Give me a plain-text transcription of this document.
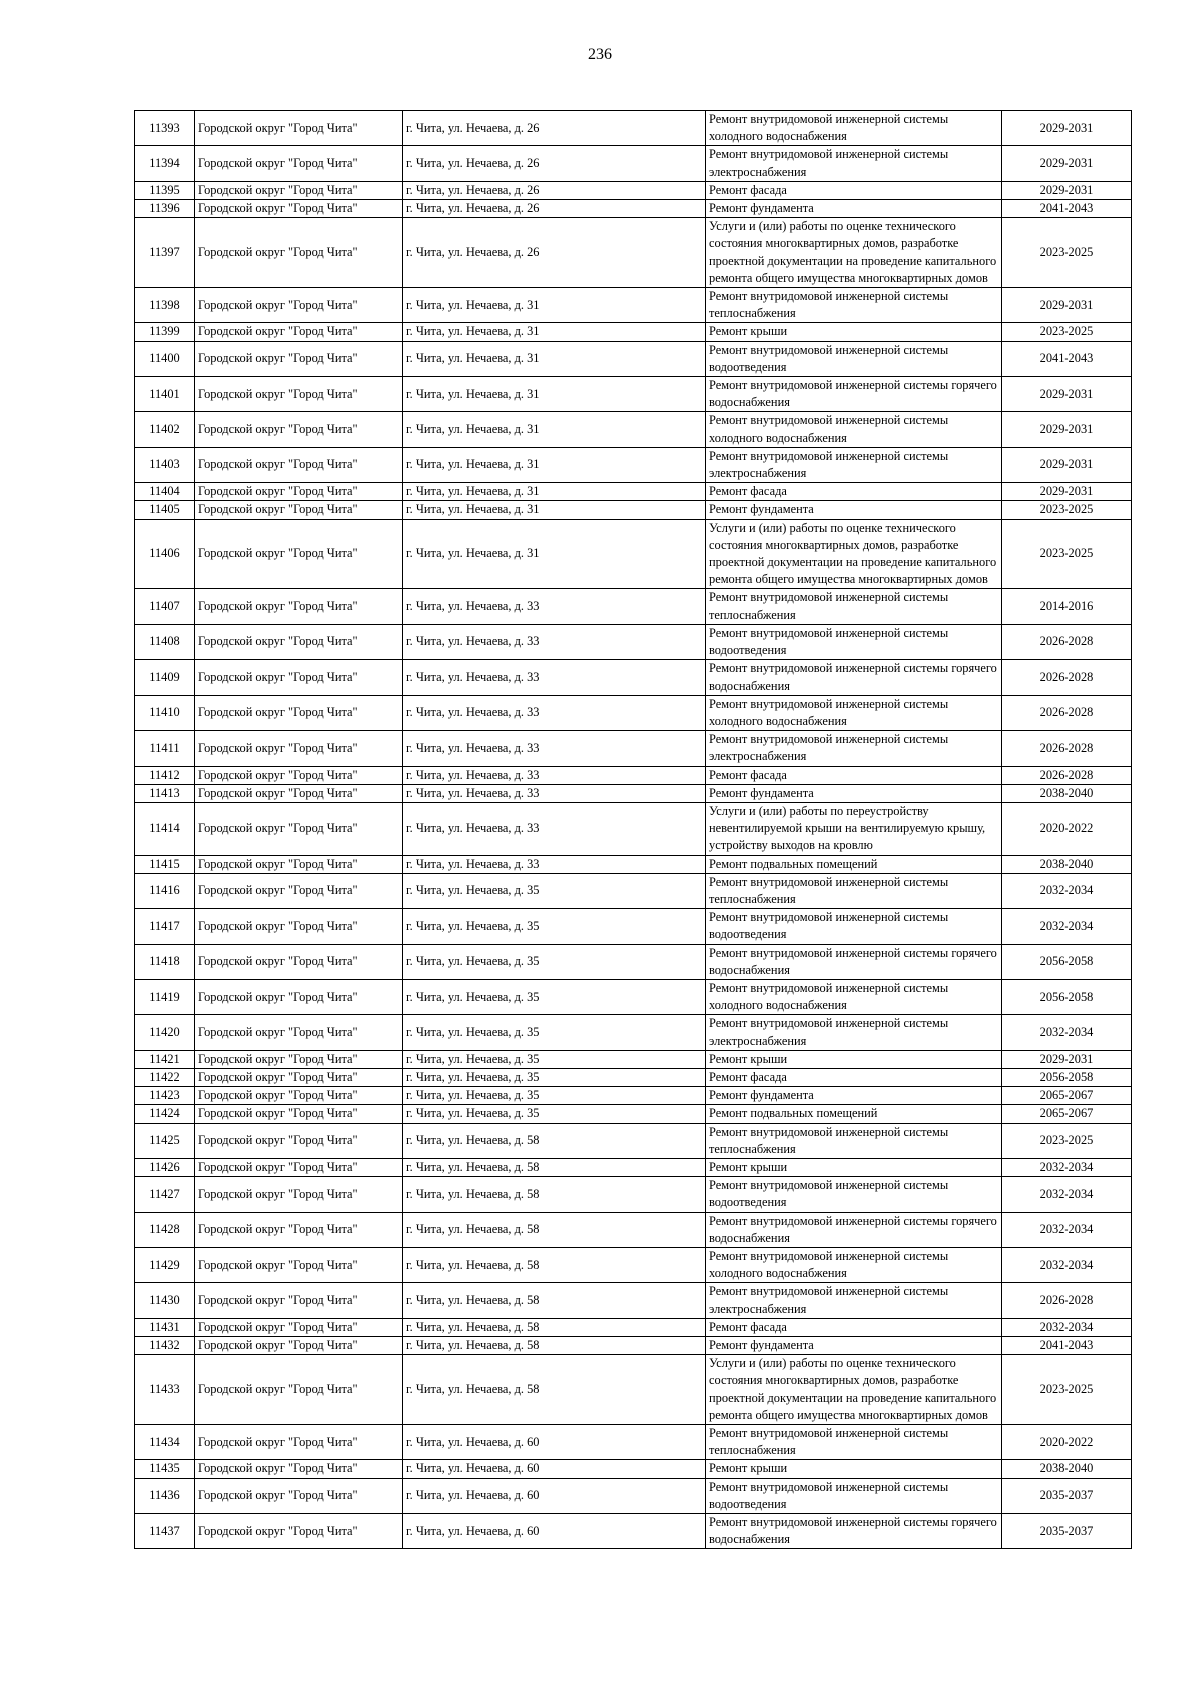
236
11393	Городской округ "Город Чита"	г. Чита, ул. Нечаева, д. 26	Ремонт внутридомовой инженерной системы холодного водоснабжения	2029-2031
11394	Городской округ "Город Чита"	г. Чита, ул. Нечаева, д. 26	Ремонт внутридомовой инженерной системы электроснабжения	2029-2031
11395	Городской округ "Город Чита"	г. Чита, ул. Нечаева, д. 26	Ремонт фасада	2029-2031
11396	Городской округ "Город Чита"	г. Чита, ул. Нечаева, д. 26	Ремонт фундамента	2041-2043
11397	Городской округ "Город Чита"	г. Чита, ул. Нечаева, д. 26	Услуги и (или) работы по оценке технического состояния многоквартирных домов, разработке проектной документации на проведение капитального ремонта общего имущества многоквартирных домов	2023-2025
11398	Городской округ "Город Чита"	г. Чита, ул. Нечаева, д. 31	Ремонт внутридомовой инженерной системы теплоснабжения	2029-2031
11399	Городской округ "Город Чита"	г. Чита, ул. Нечаева, д. 31	Ремонт крыши	2023-2025
11400	Городской округ "Город Чита"	г. Чита, ул. Нечаева, д. 31	Ремонт внутридомовой инженерной системы водоотведения	2041-2043
11401	Городской округ "Город Чита"	г. Чита, ул. Нечаева, д. 31	Ремонт внутридомовой инженерной системы горячего водоснабжения	2029-2031
11402	Городской округ "Город Чита"	г. Чита, ул. Нечаева, д. 31	Ремонт внутридомовой инженерной системы холодного водоснабжения	2029-2031
11403	Городской округ "Город Чита"	г. Чита, ул. Нечаева, д. 31	Ремонт внутридомовой инженерной системы электроснабжения	2029-2031
11404	Городской округ "Город Чита"	г. Чита, ул. Нечаева, д. 31	Ремонт фасада	2029-2031
11405	Городской округ "Город Чита"	г. Чита, ул. Нечаева, д. 31	Ремонт фундамента	2023-2025
11406	Городской округ "Город Чита"	г. Чита, ул. Нечаева, д. 31	Услуги и (или) работы по оценке технического состояния многоквартирных домов, разработке проектной документации на проведение капитального ремонта общего имущества многоквартирных домов	2023-2025
11407	Городской округ "Город Чита"	г. Чита, ул. Нечаева, д. 33	Ремонт внутридомовой инженерной системы теплоснабжения	2014-2016
11408	Городской округ "Город Чита"	г. Чита, ул. Нечаева, д. 33	Ремонт внутридомовой инженерной системы водоотведения	2026-2028
11409	Городской округ "Город Чита"	г. Чита, ул. Нечаева, д. 33	Ремонт внутридомовой инженерной системы горячего водоснабжения	2026-2028
11410	Городской округ "Город Чита"	г. Чита, ул. Нечаева, д. 33	Ремонт внутридомовой инженерной системы холодного водоснабжения	2026-2028
11411	Городской округ "Город Чита"	г. Чита, ул. Нечаева, д. 33	Ремонт внутридомовой инженерной системы электроснабжения	2026-2028
11412	Городской округ "Город Чита"	г. Чита, ул. Нечаева, д. 33	Ремонт фасада	2026-2028
11413	Городской округ "Город Чита"	г. Чита, ул. Нечаева, д. 33	Ремонт фундамента	2038-2040
11414	Городской округ "Город Чита"	г. Чита, ул. Нечаева, д. 33	Услуги и (или) работы по переустройству невентилируемой крыши на вентилируемую крышу, устройству выходов на кровлю	2020-2022
11415	Городской округ "Город Чита"	г. Чита, ул. Нечаева, д. 33	Ремонт подвальных помещений	2038-2040
11416	Городской округ "Город Чита"	г. Чита, ул. Нечаева, д. 35	Ремонт внутридомовой инженерной системы теплоснабжения	2032-2034
11417	Городской округ "Город Чита"	г. Чита, ул. Нечаева, д. 35	Ремонт внутридомовой инженерной системы водоотведения	2032-2034
11418	Городской округ "Город Чита"	г. Чита, ул. Нечаева, д. 35	Ремонт внутридомовой инженерной системы горячего водоснабжения	2056-2058
11419	Городской округ "Город Чита"	г. Чита, ул. Нечаева, д. 35	Ремонт внутридомовой инженерной системы холодного водоснабжения	2056-2058
11420	Городской округ "Город Чита"	г. Чита, ул. Нечаева, д. 35	Ремонт внутридомовой инженерной системы электроснабжения	2032-2034
11421	Городской округ "Город Чита"	г. Чита, ул. Нечаева, д. 35	Ремонт крыши	2029-2031
11422	Городской округ "Город Чита"	г. Чита, ул. Нечаева, д. 35	Ремонт фасада	2056-2058
11423	Городской округ "Город Чита"	г. Чита, ул. Нечаева, д. 35	Ремонт фундамента	2065-2067
11424	Городской округ "Город Чита"	г. Чита, ул. Нечаева, д. 35	Ремонт подвальных помещений	2065-2067
11425	Городской округ "Город Чита"	г. Чита, ул. Нечаева, д. 58	Ремонт внутридомовой инженерной системы теплоснабжения	2023-2025
11426	Городской округ "Город Чита"	г. Чита, ул. Нечаева, д. 58	Ремонт крыши	2032-2034
11427	Городской округ "Город Чита"	г. Чита, ул. Нечаева, д. 58	Ремонт внутридомовой инженерной системы водоотведения	2032-2034
11428	Городской округ "Город Чита"	г. Чита, ул. Нечаева, д. 58	Ремонт внутридомовой инженерной системы горячего водоснабжения	2032-2034
11429	Городской округ "Город Чита"	г. Чита, ул. Нечаева, д. 58	Ремонт внутридомовой инженерной системы холодного водоснабжения	2032-2034
11430	Городской округ "Город Чита"	г. Чита, ул. Нечаева, д. 58	Ремонт внутридомовой инженерной системы электроснабжения	2026-2028
11431	Городской округ "Город Чита"	г. Чита, ул. Нечаева, д. 58	Ремонт фасада	2032-2034
11432	Городской округ "Город Чита"	г. Чита, ул. Нечаева, д. 58	Ремонт фундамента	2041-2043
11433	Городской округ "Город Чита"	г. Чита, ул. Нечаева, д. 58	Услуги и (или) работы по оценке технического состояния многоквартирных домов, разработке проектной документации на проведение капитального ремонта общего имущества многоквартирных домов	2023-2025
11434	Городской округ "Город Чита"	г. Чита, ул. Нечаева, д. 60	Ремонт внутридомовой инженерной системы теплоснабжения	2020-2022
11435	Городской округ "Город Чита"	г. Чита, ул. Нечаева, д. 60	Ремонт крыши	2038-2040
11436	Городской округ "Город Чита"	г. Чита, ул. Нечаева, д. 60	Ремонт внутридомовой инженерной системы водоотведения	2035-2037
11437	Городской округ "Город Чита"	г. Чита, ул. Нечаева, д. 60	Ремонт внутридомовой инженерной системы горячего водоснабжения	2035-2037
